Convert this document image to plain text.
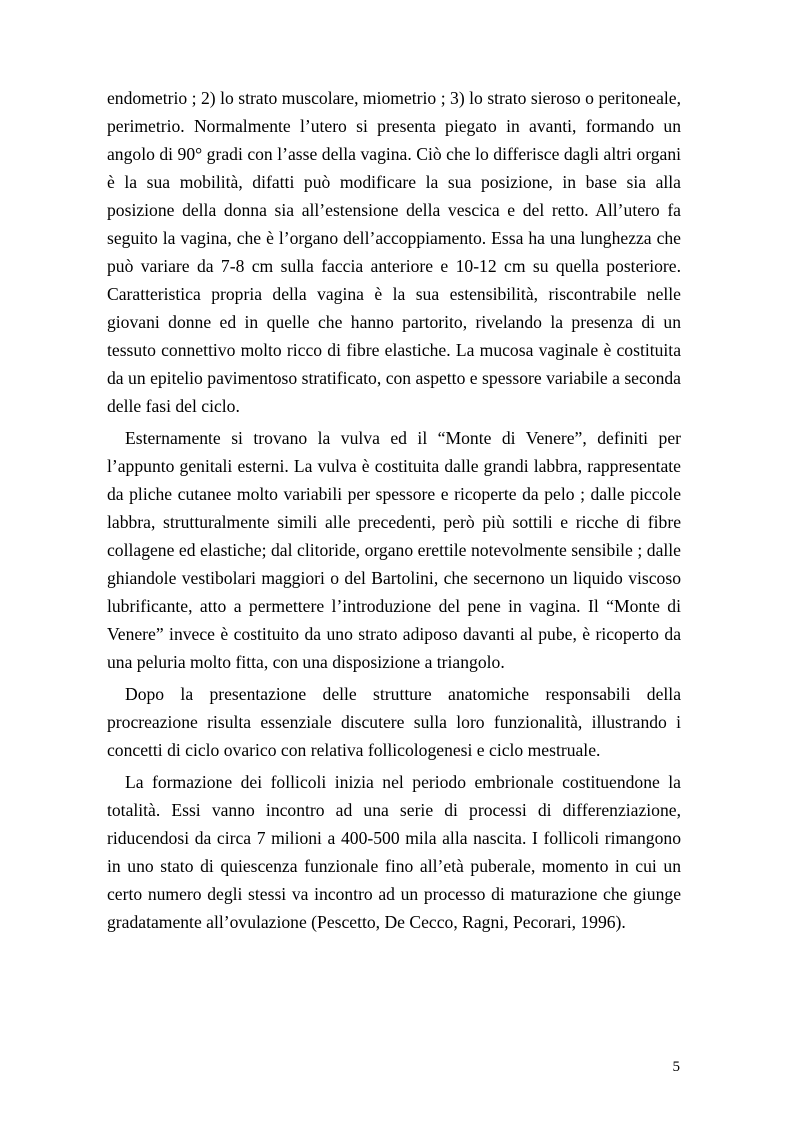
endometrio ; 2) lo strato muscolare, miometrio ; 3) lo strato sieroso o peritoneale, perimetrio. Normalmente l’utero si presenta piegato in avanti, formando un angolo di 90° gradi con l’asse della vagina. Ciò che lo differisce dagli altri organi è la sua mobilità, difatti può modificare la sua posizione, in base sia alla posizione della donna sia all’estensione della vescica e del retto. All’utero fa seguito la vagina, che è l’organo dell’accoppiamento. Essa ha una lunghezza che può variare da 7-8 cm sulla faccia anteriore e 10-12 cm su quella posteriore. Caratteristica propria della vagina è la sua estensibilità, riscontrabile nelle giovani donne ed in quelle che hanno partorito, rivelando la presenza di un tessuto connettivo molto ricco di fibre elastiche. La mucosa vaginale è costituita da un epitelio pavimentoso stratificato, con aspetto e spessore variabile a seconda delle fasi del ciclo.

Esternamente si trovano la vulva ed il “Monte di Venere”, definiti per l’appunto genitali esterni. La vulva è costituita dalle grandi labbra, rappresentate da pliche cutanee molto variabili per spessore e ricoperte da pelo ; dalle piccole labbra, strutturalmente simili alle precedenti, però più sottili e ricche di fibre collagene ed elastiche; dal clitoride, organo erettile notevolmente sensibile ; dalle ghiandole vestibolari maggiori o del Bartolini, che secernono un liquido viscoso lubrificante, atto a permettere l’introduzione del pene in vagina. Il “Monte di Venere” invece è costituito da uno strato adiposo davanti al pube, è ricoperto da una peluria molto fitta, con una disposizione a triangolo.

Dopo la presentazione delle strutture anatomiche responsabili della procreazione risulta essenziale discutere sulla loro funzionalità, illustrando i concetti di ciclo ovarico con relativa follicologenesi e ciclo mestruale.

La formazione dei follicoli inizia nel periodo embrionale costituendone la totalità. Essi vanno incontro ad una serie di processi di differenziazione, riducendosi da circa 7 milioni a 400-500 mila alla nascita. I follicoli rimangono in uno stato di quiescenza funzionale fino all’età puberale, momento in cui un certo numero degli stessi va incontro ad un processo di maturazione che giunge gradatamente all’ovulazione (Pescetto, De Cecco, Ragni, Pecorari, 1996).

5
